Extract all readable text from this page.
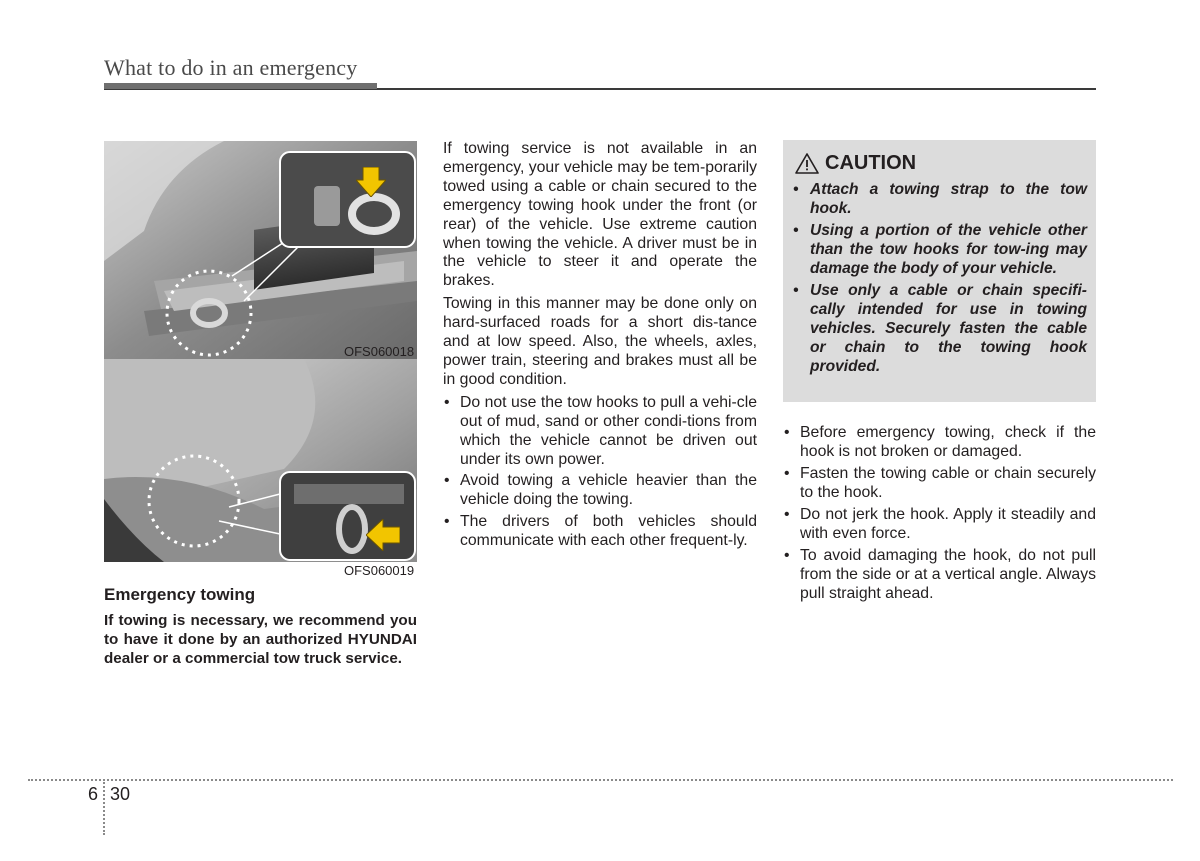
What to do in an emergency
OFS060018
OFS060019
Emergency towing
If towing is necessary, we recommend you to have it done by an authorized HYUNDAI dealer or a commercial tow truck service.

If towing service is not available in an emergency, your vehicle may be tem-porarily towed using a cable or chain secured to the emergency towing hook under the front (or rear) of the vehicle. Use extreme caution when towing the vehicle. A driver must be in the vehicle to steer it and operate the brakes.

Towing in this manner may be done only on hard-surfaced roads for a short dis-tance and at low speed. Also, the wheels, axles, power train, steering and brakes must all be in good condition.

• Do not use the tow hooks to pull a vehi-cle out of mud, sand or other condi-tions from which the vehicle cannot be driven out under its own power.
• Avoid towing a vehicle heavier than the vehicle doing the towing.
• The drivers of both vehicles should communicate with each other frequent-ly.
CAUTION
• Attach a towing strap to the tow hook.
• Using a portion of the vehicle other than the tow hooks for tow-ing may damage the body of your vehicle.
• Use only a cable or chain specifi-cally intended for use in towing vehicles. Securely fasten the cable or chain to the towing hook provided.
• Before emergency towing, check if the hook is not broken or damaged.
• Fasten the towing cable or chain securely to the hook.
• Do not jerk the hook. Apply it steadily and with even force.
• To avoid damaging the hook, do not pull from the side or at a vertical angle. Always pull straight ahead.
6 30
